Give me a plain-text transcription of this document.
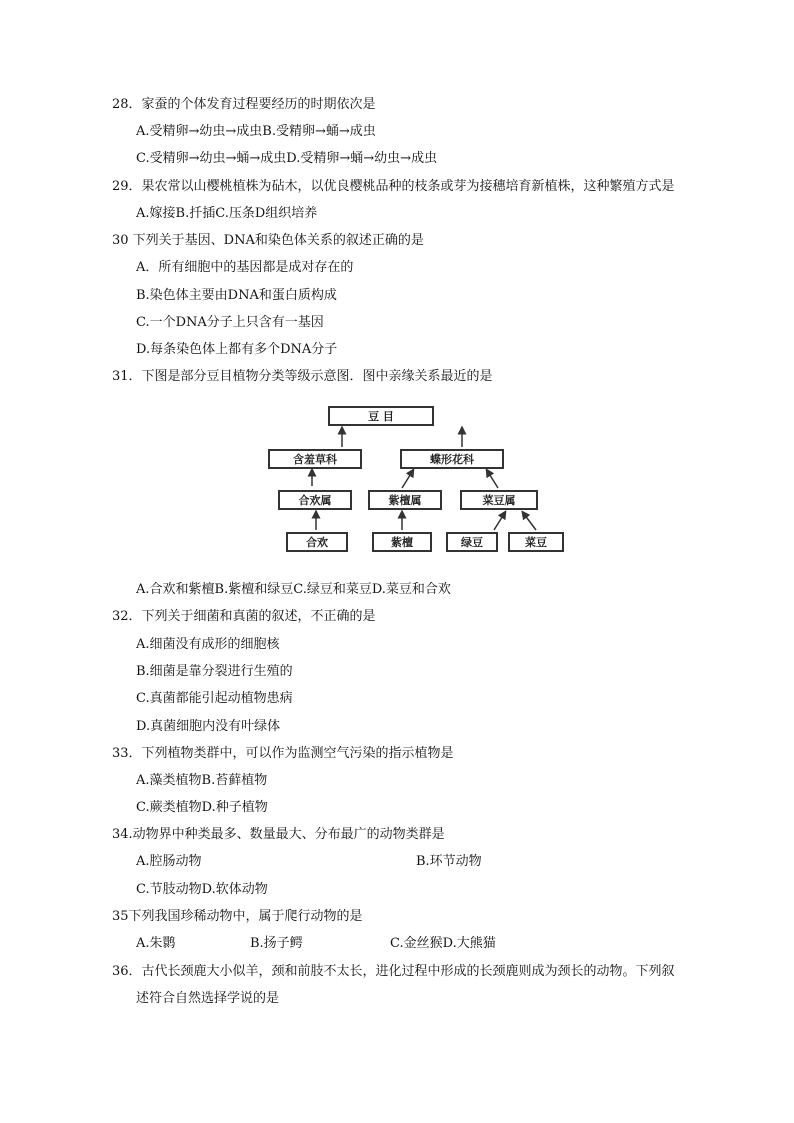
28．家蚕的个体发育过程要经历的时期依次是
A.受精卵→幼虫→成虫B.受精卵→蛹→成虫
C.受精卵→幼虫→蛹→成虫D.受精卵→蛹→幼虫→成虫
29．果农常以山樱桃植株为砧木，以优良樱桃品种的枝条或芽为接穗培育新植株，这种繁殖方式是
A.嫁接B.扦插C.压条D组织培养
30 下列关于基因、DNA和染色体关系的叙述正确的是
A．所有细胞中的基因都是成对存在的
B.染色体主要由DNA和蛋白质构成
C.一个DNA分子上只含有一基因
D.每条染色体上都有多个DNA分子
31．下图是部分豆目植物分类等级示意图．图中亲缘关系最近的是
豆 目
含羞草科	蝶形花科
合欢属	紫檀属	菜豆属
合欢	紫檀	绿豆	菜豆
A.合欢和紫檀B.紫檀和绿豆C.绿豆和菜豆D.菜豆和合欢
32．下列关于细菌和真菌的叙述，不正确的是
A.细菌没有成形的细胞核
B.细菌是靠分裂进行生殖的
C.真菌都能引起动植物患病
D.真菌细胞内没有叶绿体
33．下列植物类群中，可以作为监测空气污染的指示植物是
A.藻类植物B.苔藓植物
C.蕨类植物D.种子植物
34.动物界中种类最多、数量最大、分布最广的动物类群是
A.腔肠动物	B.环节动物
C.节肢动物D.软体动物
35下列我国珍稀动物中，属于爬行动物的是
A.朱鹮	B.扬子鳄	C.金丝猴D.大熊猫
36．古代长颈鹿大小似羊，颈和前肢不太长，进化过程中形成的长颈鹿则成为颈长的动物。下列叙
述符合自然选择学说的是
